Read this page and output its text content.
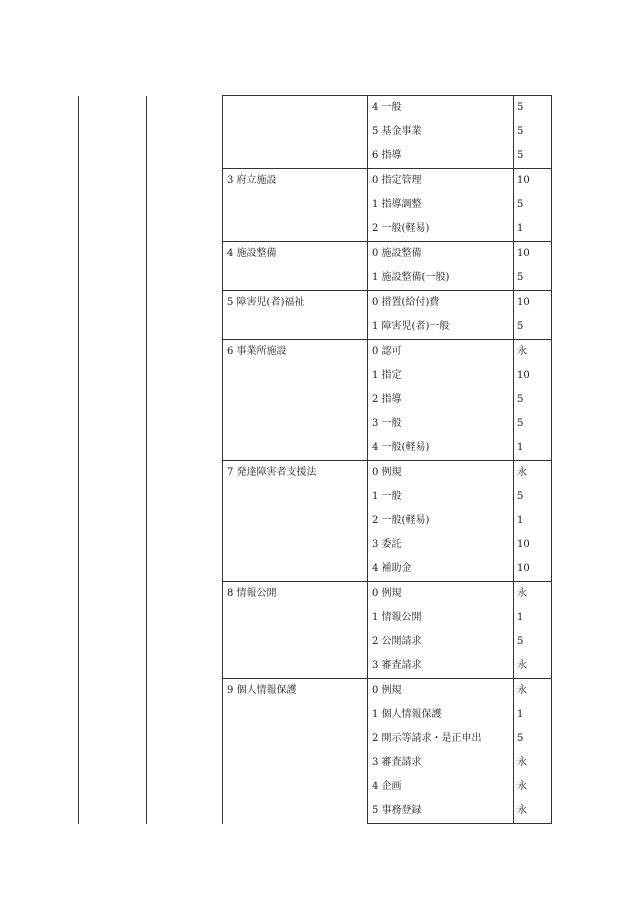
			4 一般	5
			5 基金事業	5
			6 指導	5
		3 府立施設	0 指定管理	10
			1 指導調整	5
			2 一般(軽易)	1
		4 施設整備	0 施設整備	10
			1 施設整備(一般)	5
		5 障害児(者)福祉	0 措置(給付)費	10
			1 障害児(者)一般	5
		6 事業所施設	0 認可	永
			1 指定	10
			2 指導	5
			3 一般	5
			4 一般(軽易)	1
		7 発達障害者支援法	0 例規	永
			1 一般	5
			2 一般(軽易)	1
			3 委託	10
			4 補助金	10
		8 情報公開	0 例規	永
			1 情報公開	1
			2 公開請求	5
			3 審査請求	永
		9 個人情報保護	0 例規	永
			1 個人情報保護	1
			2 開示等請求・是正申出	5
			3 審査請求	永
			4 企画	永
			5 事務登録	永
